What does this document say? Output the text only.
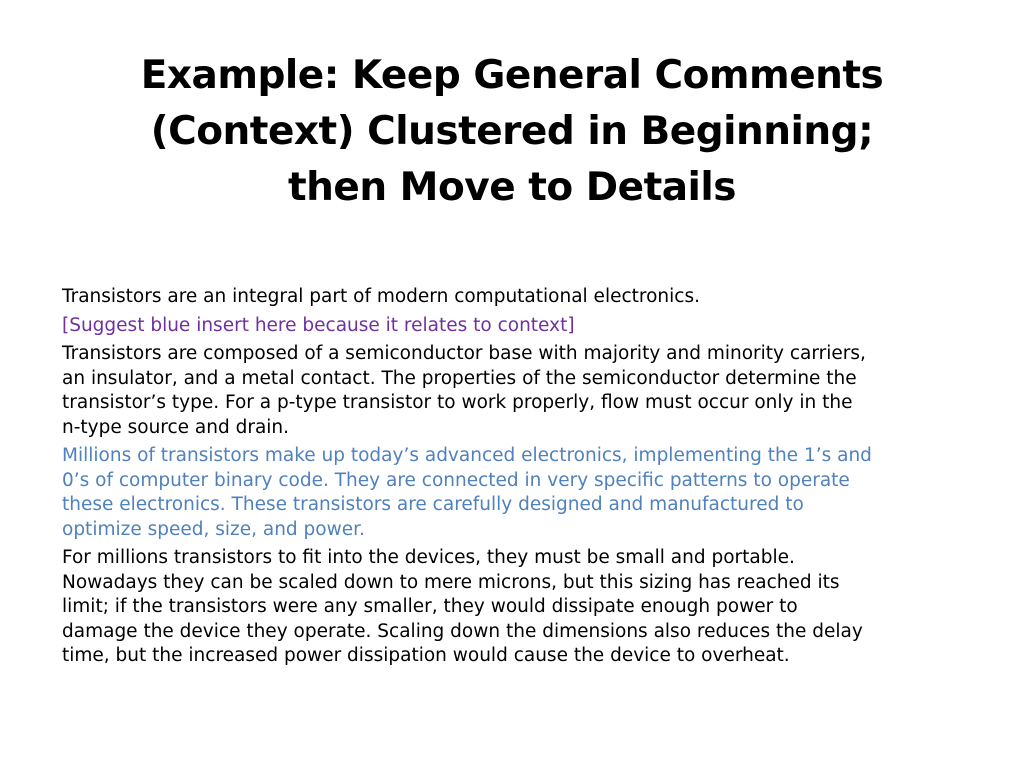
Example: Keep General Comments
(Context) Clustered in Beginning;
then Move to Details

Transistors are an integral part of modern computational electronics.

[Suggest blue insert here because it relates to context]

Transistors are composed of a semiconductor base with majority and minority carriers,
an insulator, and a metal contact. The properties of the semiconductor determine the
transistor’s type. For a p-type transistor to work properly, flow must occur only in the
n-type source and drain.

Millions of transistors make up today’s advanced electronics, implementing the 1’s and
0’s of computer binary code. They are connected in very specific patterns to operate
these electronics. These transistors are carefully designed and manufactured to
optimize speed, size, and power.

For millions transistors to fit into the devices, they must be small and portable.
Nowadays they can be scaled down to mere microns, but this sizing has reached its
limit; if the transistors were any smaller, they would dissipate enough power to
damage the device they operate. Scaling down the dimensions also reduces the delay
time, but the increased power dissipation would cause the device to overheat.
